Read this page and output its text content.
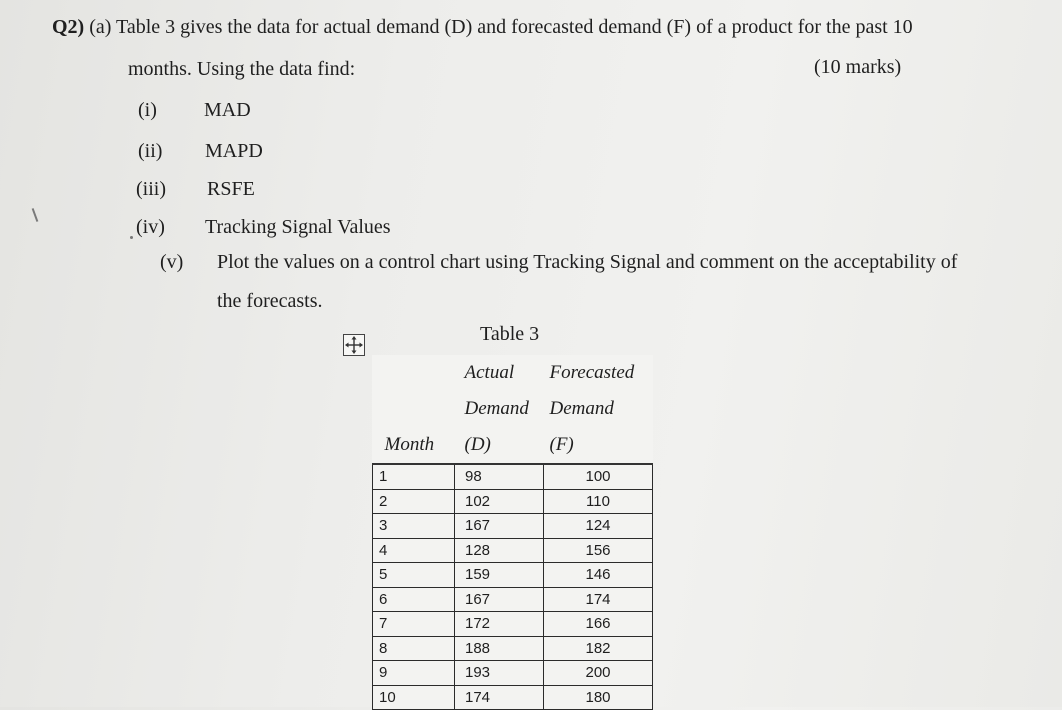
Q2) (a) Table 3 gives the data for actual demand (D) and forecasted demand (F) of a product for the past 10
months. Using the data find:	(10 marks)
(i) MAD
(ii) MAPD
(iii) RSFE
(iv) Tracking Signal Values
(v) Plot the values on a control chart using Tracking Signal and comment on the acceptability of
the forecasts.
Table 3
	Actual	Forecasted
	Demand	Demand
Month	(D)	(F)
1	98	100
2	102	110
3	167	124
4	128	156
5	159	146
6	167	174
7	172	166
8	188	182
9	193	200
10	174	180
